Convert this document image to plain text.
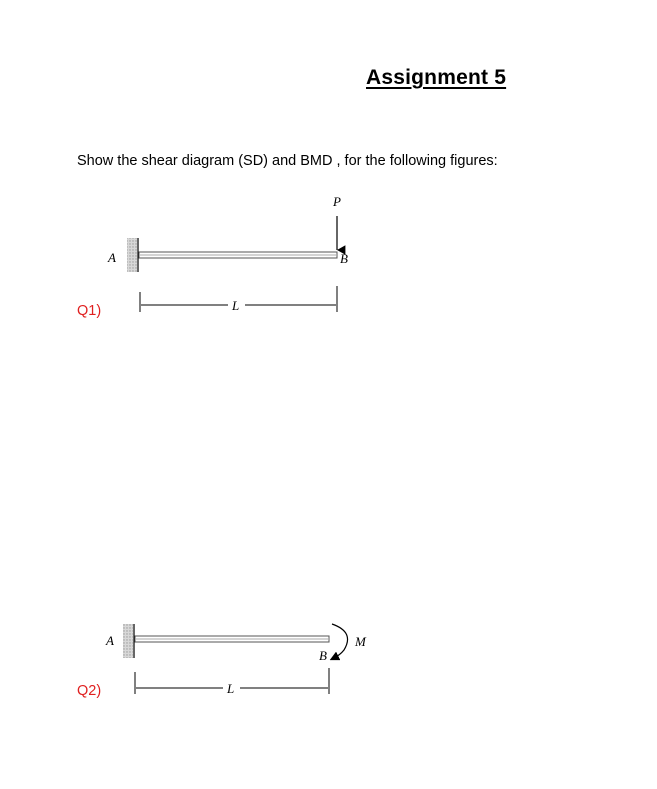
Assignment 5
Show the shear diagram (SD) and BMD , for the following figures:
Q1)
Q2)
P
A	B
L
M
A
B
L
